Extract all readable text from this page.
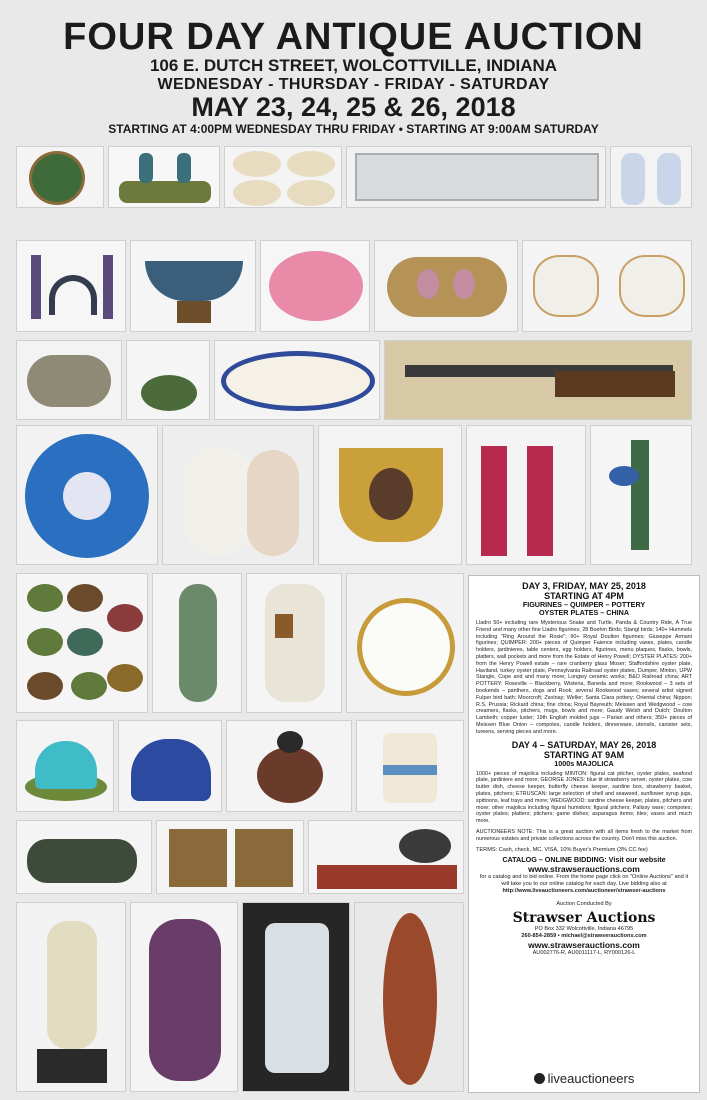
FOUR DAY ANTIQUE AUCTION
106 E. DUTCH STREET, WOLCOTTVILLE, INDIANA
WEDNESDAY - THURSDAY - FRIDAY - SATURDAY
MAY 23, 24, 25 & 26, 2018
STARTING AT 4:00PM WEDNESDAY THRU FRIDAY • STARTING AT 9:00AM SATURDAY
DAY 3, FRIDAY, MAY 25, 2018
STARTING AT 4PM
FIGURINES – QUIMPER – POTTERY
OYSTER PLATES – CHINA

Lladro 50+ including rare Mysterious Snake and Turtle, Panda & Country Ride, A True Friend and many other fine Lladro figurines; 28 Boehm Birds; Stangl birds; 140+ Hummels including "Ring Around the Rosie"; 90+ Royal Doulton figurines; Giuseppe Armani figurines; QUIMPER: 200+ pieces of Quimper Faience including vases, plates, candle holders, jardinieres, table centers, egg holders, figurines, menu plaques, flasks, bowls, platters, wall pockets and more from the Estate of Henry Powell; OYSTER PLATES: 200+ from the Henry Powell estate – rare cranberry glass Moser; Staffordshire oyster plate, Haviland, turkey oyster plate, Pennsylvania Railroad oyster plates, Dumper, Minton, UPW Stangle, Cope and and many more; Longwy ceramic works; B&O Railroad china; ART POTTERY: Roseville – Blackberry, Wisteria, Baneda and more; Rookwood – 3 sets of bookends – panthers, dogs and Rook; several Rookwood vases; several artist signed Fulper bird bath; Moorcroft; Zsolnay; Weller; Santa Clara pottery; Oriental china; Nippon; R.S. Prussia; Rickard china; fine china; Royal Bayreuth; Meissen and Wedgwood – cow creamers, flasks, pitchers, mugs, bowls and more; Gaudy Welsh and Dutch; Doulton Lambeth; copper luster; 19th English molded jugs – Parian and others; 350+ pieces of Meissen Blue Onion – compotes, candle holders, dinnerware, utensils, canister sets, tureens, serving pieces and more.

DAY 4 – SATURDAY, MAY 26, 2018
STARTING AT 9AM
1000s MAJOLICA

1000+ pieces of majolica including MINTON: figural cat pitcher, oyster plates, seafood plate, jardiniere and more; GEORGE JONES: blue tit strawberry server, oyster plates, cow butter dish, cheese keeper, butterfly cheese keeper, sardine box, strawberry basket, plates, pitchers; ETRUSCAN: large selection of shell and seaweed, sunflower syrup jugs, spittoons, leaf trays and more; WEDGWOOD: sardine cheese keeper, plates, pitchers and more; other majolica including figural humidors; figural pitchers; Palissy ware; compotes; oyster plates; platters; pitchers; game dishes; asparagus items; tiles; vases and much more.

AUCTIONEERS NOTE: This is a great auction with all items fresh to the market from numerous estates and private collections across the country. Don't miss this auction.

TERMS: Cash, check, MC, VISA, 10% Buyer's Premium (3% CC fee)
CATALOG – ONLINE BIDDING: Visit our website
www.strawserauctions.com
for a catalog and to bid online. From the home page click on "Online Auctions" and it will take you to our online catalog for each day. Live bidding also at
http://www.liveauctioneers.com/auctioneer/strawser-auctions
Auction Conducted By
Strawser Auctions
PO Box 332 Wolcottville, Indiana 46795
260-854-2859 • michael@strawserauctions.com
www.strawserauctions.com
AU002776-R, AU0011117-L, RY000126-L
liveauctioneers
